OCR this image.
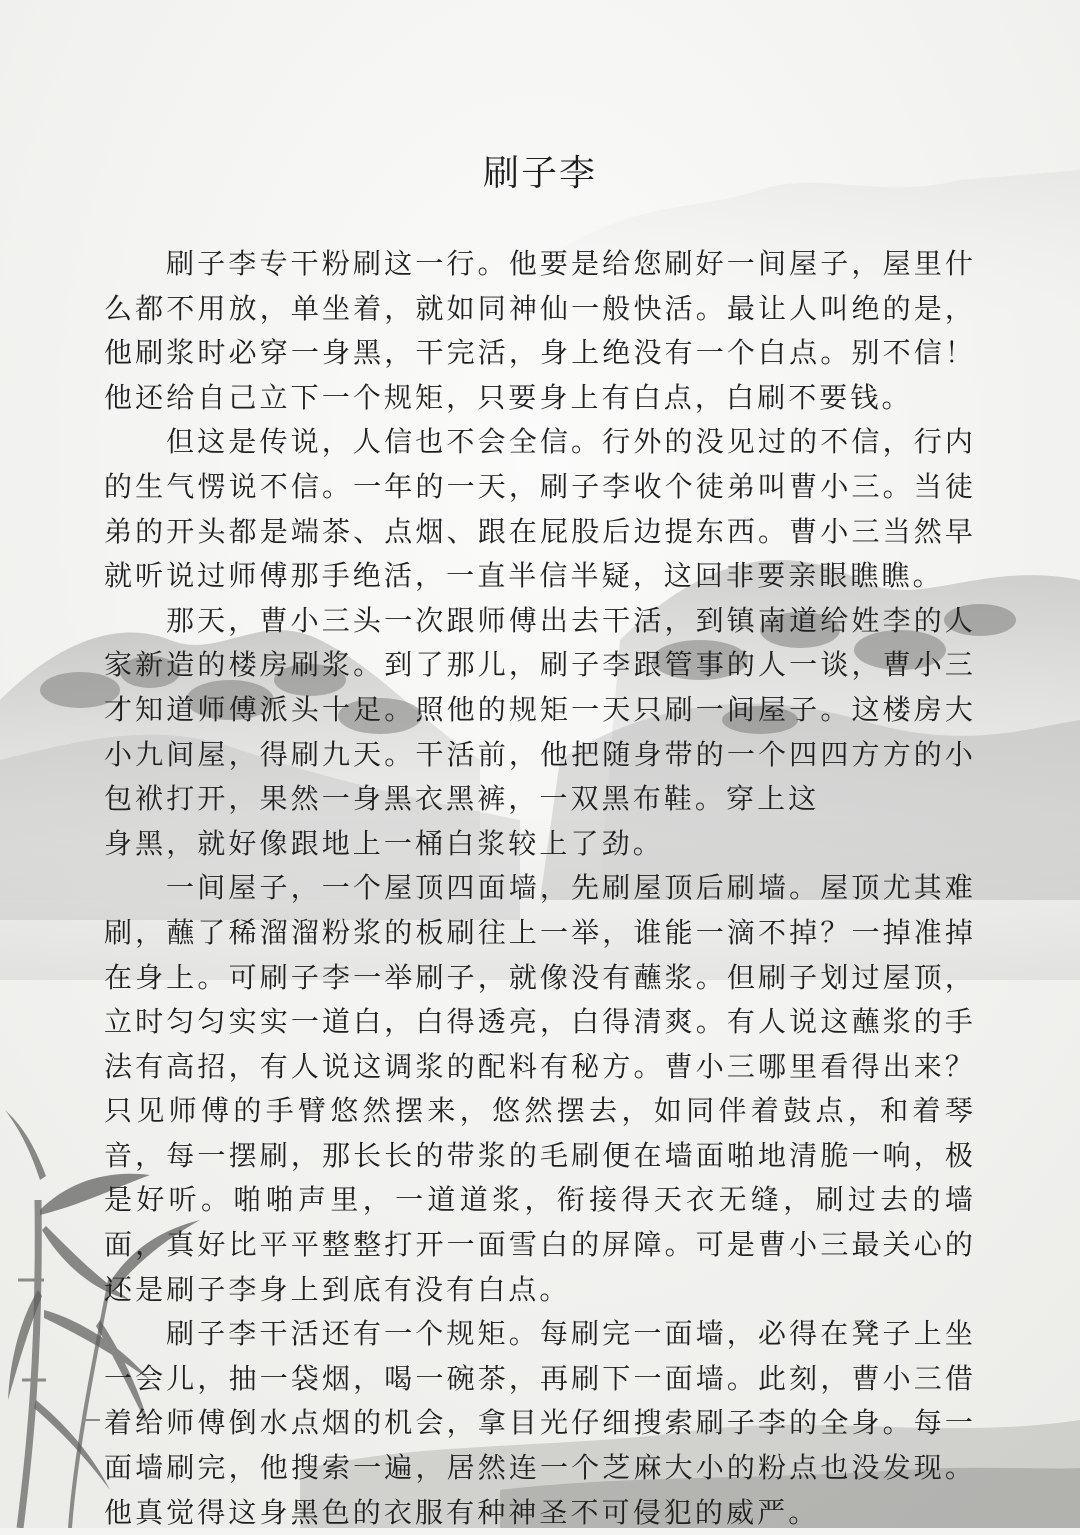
刷子李

刷子李专干粉刷这一行。他要是给您刷好一间屋子，屋里什么都不用放，单坐着，就如同神仙一般快活。最让人叫绝的是，他刷浆时必穿一身黑，干完活，身上绝没有一个白点。别不信！他还给自己立下一个规矩，只要身上有白点，白刷不要钱。

但这是传说，人信也不会全信。行外的没见过的不信，行内的生气愣说不信。一年的一天，刷子李收个徒弟叫曹小三。当徒弟的开头都是端茶、点烟、跟在屁股后边提东西。曹小三当然早就听说过师傅那手绝活，一直半信半疑，这回非要亲眼瞧瞧。

那天，曹小三头一次跟师傅出去干活，到镇南道给姓李的人家新造的楼房刷浆。到了那儿，刷子李跟管事的人一谈，曹小三才知道师傅派头十足。照他的规矩一天只刷一间屋子。这楼房大小九间屋，得刷九天。干活前，他把随身带的一个四四方方的小包袱打开，果然一身黑衣黑裤，一双黑布鞋。穿上这

身黑，就好像跟地上一桶白浆较上了劲。

一间屋子，一个屋顶四面墙，先刷屋顶后刷墙。屋顶尤其难刷，蘸了稀溜溜粉浆的板刷往上一举，谁能一滴不掉？一掉准掉在身上。可刷子李一举刷子，就像没有蘸浆。但刷子划过屋顶，立时匀匀实实一道白，白得透亮，白得清爽。有人说这蘸浆的手法有高招，有人说这调浆的配料有秘方。曹小三哪里看得出来？只见师傅的手臂悠然摆来，悠然摆去，如同伴着鼓点，和着琴音，每一摆刷，那长长的带浆的毛刷便在墙面啪地清脆一响，极是好听。啪啪声里，一道道浆，衔接得天衣无缝，刷过去的墙面，真好比平平整整打开一面雪白的屏障。可是曹小三最关心的还是刷子李身上到底有没有白点。

刷子李干活还有一个规矩。每刷完一面墙，必得在凳子上坐一会儿，抽一袋烟，喝一碗茶，再刷下一面墙。此刻，曹小三借着给师傅倒水点烟的机会，拿目光仔细搜索刷子李的全身。每一面墙刷完，他搜索一遍，居然连一个芝麻大小的粉点也没发现。他真觉得这身黑色的衣服有种神圣不可侵犯的威严。
